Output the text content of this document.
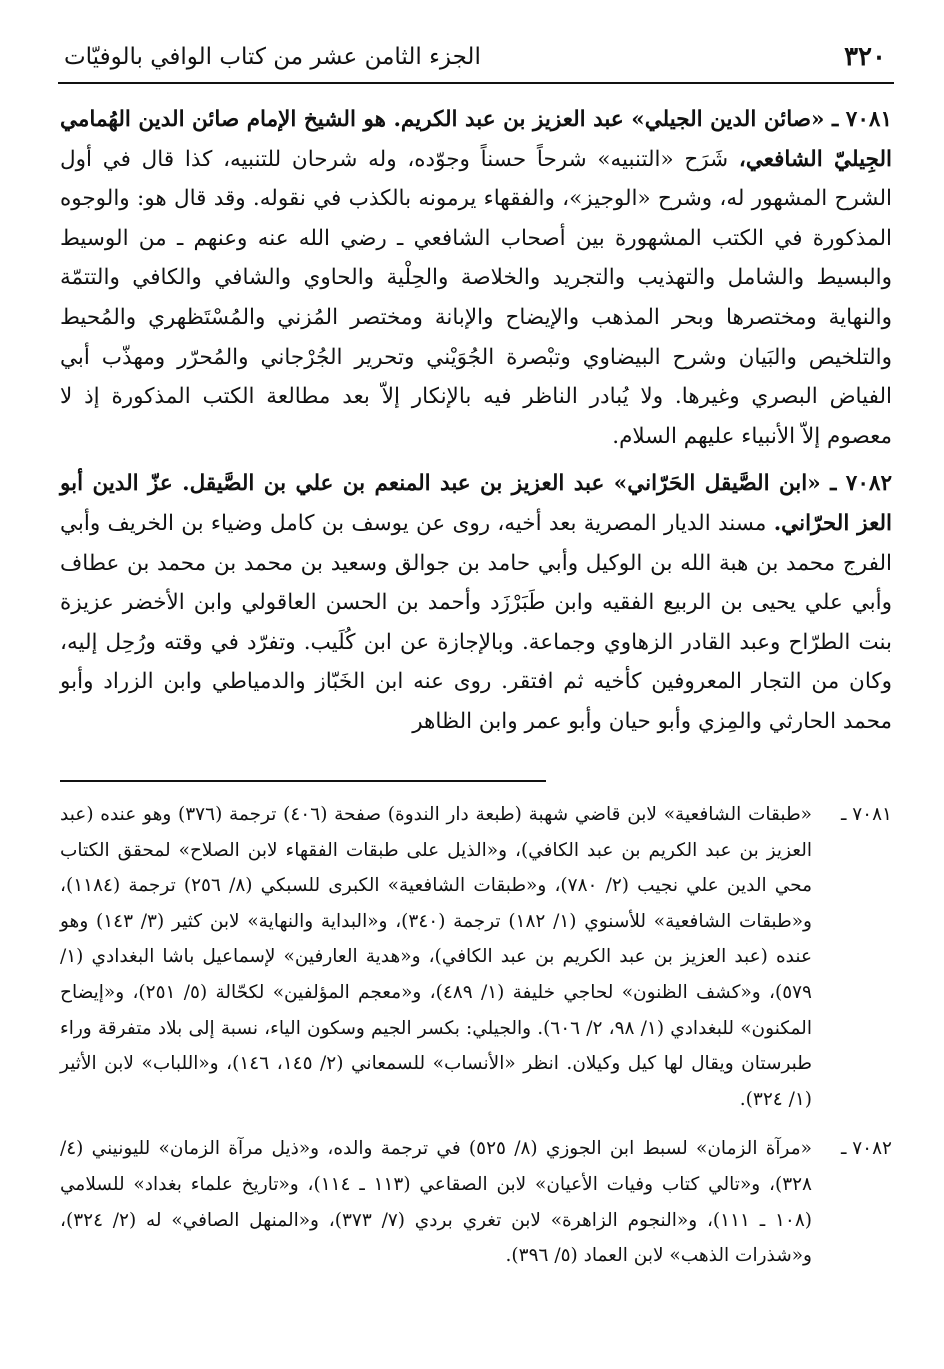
٣٢٠
الجزء الثامن عشر من كتاب الوافي بالوفيّات

٧٠٨١ ـ «صائن الدين الجيلي» عبد العزيز بن عبد الكريم. هو الشيخ الإمام صائن الدين الهُمامي الجِيليّ الشافعي، شَرَح «التنبيه» شرحاً حسناً وجوّده، وله شرحان للتنبيه، كذا قال في أول الشرح المشهور له، وشرح «الوجيز»، والفقهاء يرمونه بالكذب في نقوله. وقد قال هو: والوجوه المذكورة في الكتب المشهورة بين أصحاب الشافعي ـ رضي الله عنه وعنهم ـ من الوسيط والبسيط والشامل والتهذيب والتجريد والخلاصة والحِلْية والحاوي والشافي والكافي والتتمّة والنهاية ومختصرها وبحر المذهب والإيضاح والإبانة ومختصر المُزني والمُسْتَظهري والمُحيط والتلخيص والبَيان وشرح البيضاوي وتبْصرة الجُوَيْني وتحرير الجُرْجاني والمُحرّر ومهذّب أبي الفياض البصري وغيرها. ولا يُبادر الناظر فيه بالإنكار إلاّ بعد مطالعة الكتب المذكورة إذ لا معصوم إلاّ الأنبياء عليهم السلام.

٧٠٨٢ ـ «ابن الصَّيقل الحَرّاني» عبد العزيز بن عبد المنعم بن علي بن الصَّيقل. عزّ الدين أبو العز الحرّاني. مسند الديار المصرية بعد أخيه، روى عن يوسف بن كامل وضياء بن الخريف وأبي الفرج محمد بن هبة الله بن الوكيل وأبي حامد بن جوالق وسعيد بن محمد بن محمد بن عطاف وأبي علي يحيى بن الربيع الفقيه وابن طَبَرْزَد وأحمد بن الحسن العاقولي وابن الأخضر عزيزة بنت الطرّاح وعبد القادر الزهاوي وجماعة. وبالإجازة عن ابن كُلَيب. وتفرّد في وقته ورُحِل إليه، وكان من التجار المعروفين كأخيه ثم افتقر. روى عنه ابن الخَبّاز والدمياطي وابن الزراد وأبو محمد الحارثي والمِزي وأبو حيان وأبو عمر وابن الظاهر

٧٠٨١ ـ
«طبقات الشافعية» لابن قاضي شهبة (طبعة دار الندوة) صفحة (٤٠٦) ترجمة (٣٧٦) وهو عنده (عبد العزيز بن عبد الكريم بن عبد الكافي)، و«الذيل على طبقات الفقهاء لابن الصلاح» لمحقق الكتاب محي الدين علي نجيب (٢/ ٧٨٠)، و«طبقات الشافعية» الكبرى للسبكي (٨/ ٢٥٦) ترجمة (١١٨٤)، و«طبقات الشافعية» للأسنوي (١/ ١٨٢) ترجمة (٣٤٠)، و«البداية والنهاية» لابن كثير (٣/ ١٤٣) وهو عنده (عبد العزيز بن عبد الكريم بن عبد الكافي)، و«هدية العارفين» لإسماعيل باشا البغدادي (١/ ٥٧٩)، و«كشف الظنون» لحاجي خليفة (١/ ٤٨٩)، و«معجم المؤلفين» لكحّالة (٥/ ٢٥١)، و«إيضاح المكنون» للبغدادي (١/ ٩٨، ٢/ ٦٠٦). والجيلي: بكسر الجيم وسكون الياء، نسبة إلى بلاد متفرقة وراء طبرستان ويقال لها كيل وكيلان. انظر «الأنساب» للسمعاني (٢/ ١٤٥، ١٤٦)، و«اللباب» لابن الأثير (١/ ٣٢٤).
٧٠٨٢ ـ
«مرآة الزمان» لسبط ابن الجوزي (٨/ ٥٢٥) في ترجمة والده، و«ذيل مرآة الزمان» لليونيني (٤/ ٣٢٨)، و«تالي كتاب وفيات الأعيان» لابن الصقاعي (١١٣ ـ ١١٤)، و«تاريخ علماء بغداد» للسلامي (١٠٨ ـ ١١١)، و«النجوم الزاهرة» لابن تغري بردي (٧/ ٣٧٣)، و«المنهل الصافي» له (٢/ ٣٢٤)، و«شذرات الذهب» لابن العماد (٥/ ٣٩٦).
